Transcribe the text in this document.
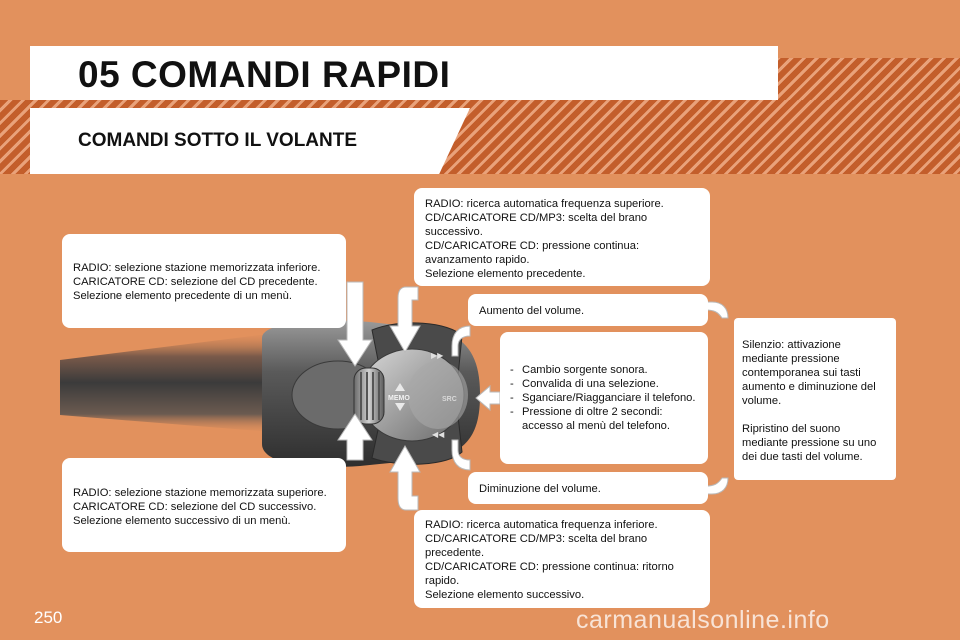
05 COMANDI RAPIDI
COMANDI SOTTO IL VOLANTE
MEMO	SRC
▶▶
◀◀
RADIO: selezione stazione memorizzata inferiore.
CARICATORE CD: selezione del CD precedente.
Selezione elemento precedente di un menù.
RADIO: selezione stazione memorizzata superiore.
CARICATORE CD: selezione del CD successivo.
Selezione elemento successivo di un menù.
RADIO: ricerca automatica frequenza superiore.
CD/CARICATORE CD/MP3: scelta del brano
successivo.
CD/CARICATORE CD: pressione continua:
avanzamento rapido.
Selezione elemento precedente.
Aumento del volume.
- Cambio sorgente sonora.
- Convalida di una selezione.
- Sganciare/Riagganciare il telefono.
- Pressione di oltre 2 secondi:
accesso al menù del telefono.
Diminuzione del volume.
RADIO: ricerca automatica frequenza inferiore.
CD/CARICATORE CD/MP3: scelta del brano
precedente.
CD/CARICATORE CD: pressione continua: ritorno
rapido.
Selezione elemento successivo.
Silenzio: attivazione
mediante pressione
contemporanea sui tasti
aumento e diminuzione del
volume.
Ripristino del suono
mediante pressione su uno
dei due tasti del volume.
250	carmanualsonline.info
